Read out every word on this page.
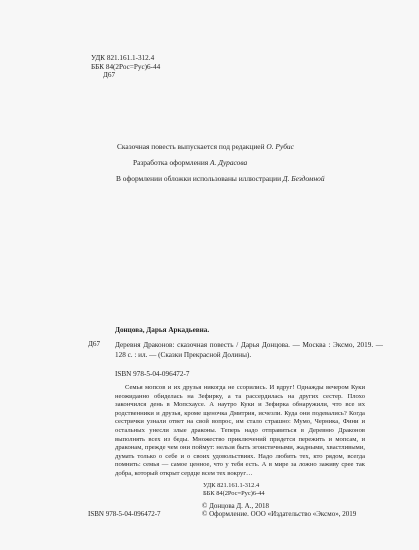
УДК 821.161.1-312.4
ББК 84(2Рос=Рус)6-44
Д67
Сказочная повесть выпускается под редакцией О. Рубис
Разработка оформления А. Дурасова
В оформлении обложки использованы иллюстрации Д. Бездомной
Д67
Донцова, Дарья Аркадьевна.
Деревня Драконов: сказочная повесть / Дарья Донцова. — Москва : Эксмо, 2019. — 128 с. : ил. — (Сказки Прекрасной Долины).
ISBN 978-5-04-096472-7
Семья мопсов и их друзья никогда не ссорились. И вдруг! Однажды вечером Куки неожиданно обиделась на Зефирку, а та рассердилась на других сестер. Плохо закончился день в Мопсхаусе. А наутро Куки и Зефирка обнаружили, что все их родственники и друзья, кроме щеночка Дмитрия, исчезли. Куда они подевались? Когда сестрички узнали ответ на свой вопрос, им стало страшно: Мумо, Черника, Фини и остальных унесли злые драконы. Теперь надо отправиться в Деревню Драконов выполнять всех из беды. Множество приключений придется пережить и мопсам, и драконам, прежде чем они поймут: нельзя быть эгоистичными, жадными, хвастливыми, думать только о себе и о своих удовольствиях. Надо любить тех, кто рядом, всегда помнить: семья — самое ценное, что у тебя есть. А в мире за ложно заживу срее так добра, который открыт сердце всем тех вокруг…
УДК 821.161.1-312.4
ББК 84(2Рос=Рус)6-44
ISBN 978-5-04-096472-7
© Донцова Д. А., 2018
© Оформление. ООО «Издательство «Эксмо», 2019
